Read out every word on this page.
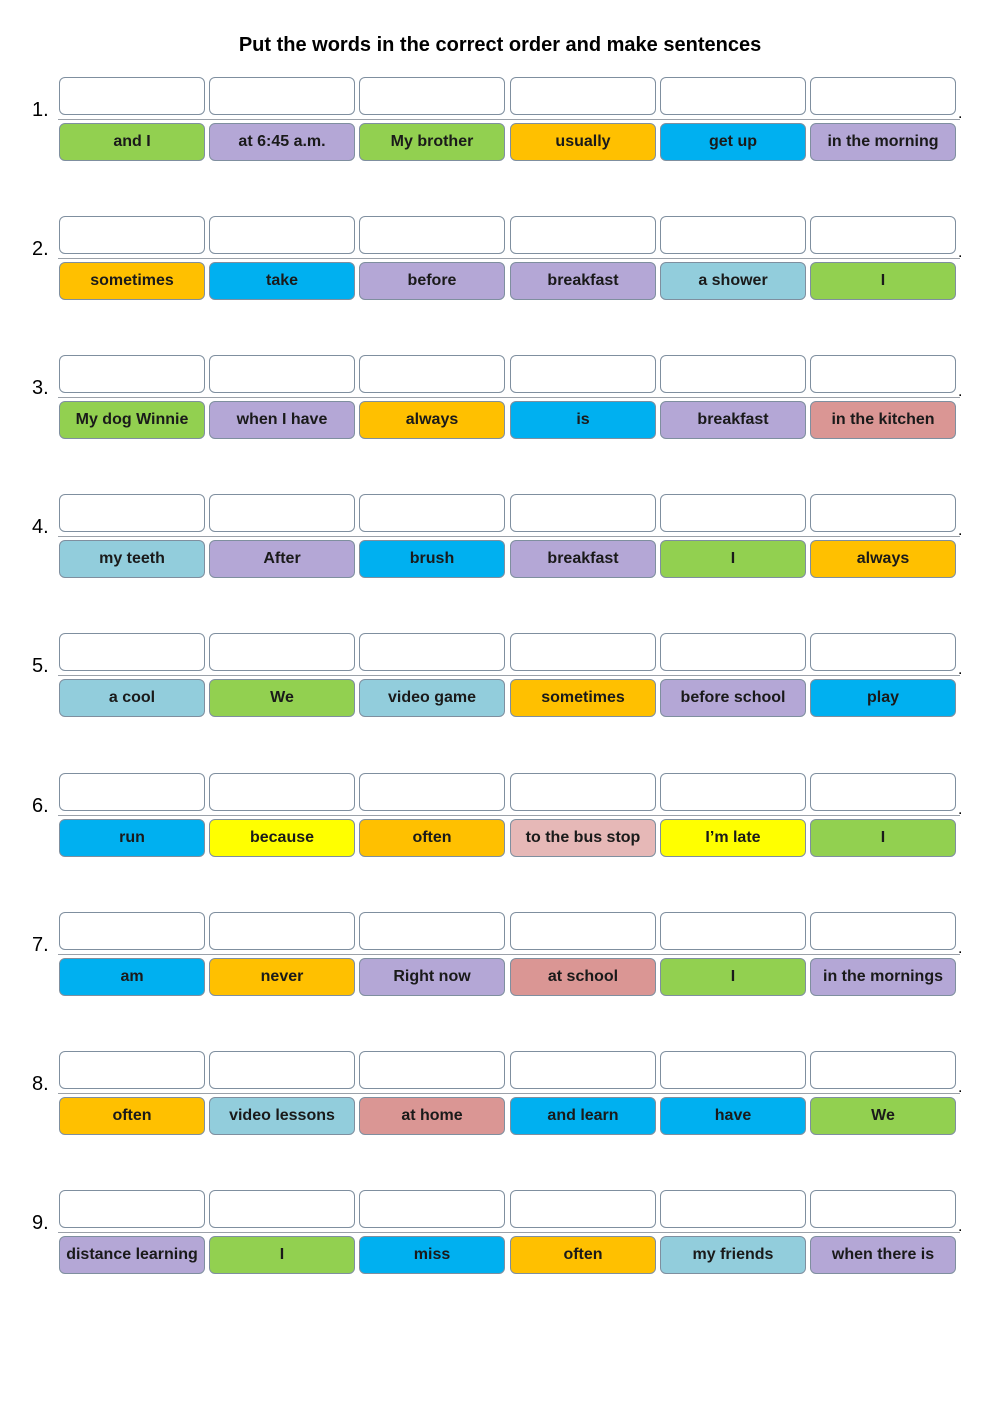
Put the words in the correct order and make sentences
1.	.
and I	at 6:45 a.m.	My brother	usually	get up	in the morning
2.	.
sometimes	take	before	breakfast	a shower	I
3.	.
My dog Winnie	when I have	always	is	breakfast	in the kitchen
4.	.
my teeth	After	brush	breakfast	I	always
5.	.
a cool	We	video game	sometimes	before school	play
6.	.
run	because	often	to the bus stop	I’m late	I
7.	.
am	never	Right now	at school	I	in the mornings
8.	.
often	video lessons	at home	and learn	have	We
9.	.
distance learning	I	miss	often	my friends	when there is
